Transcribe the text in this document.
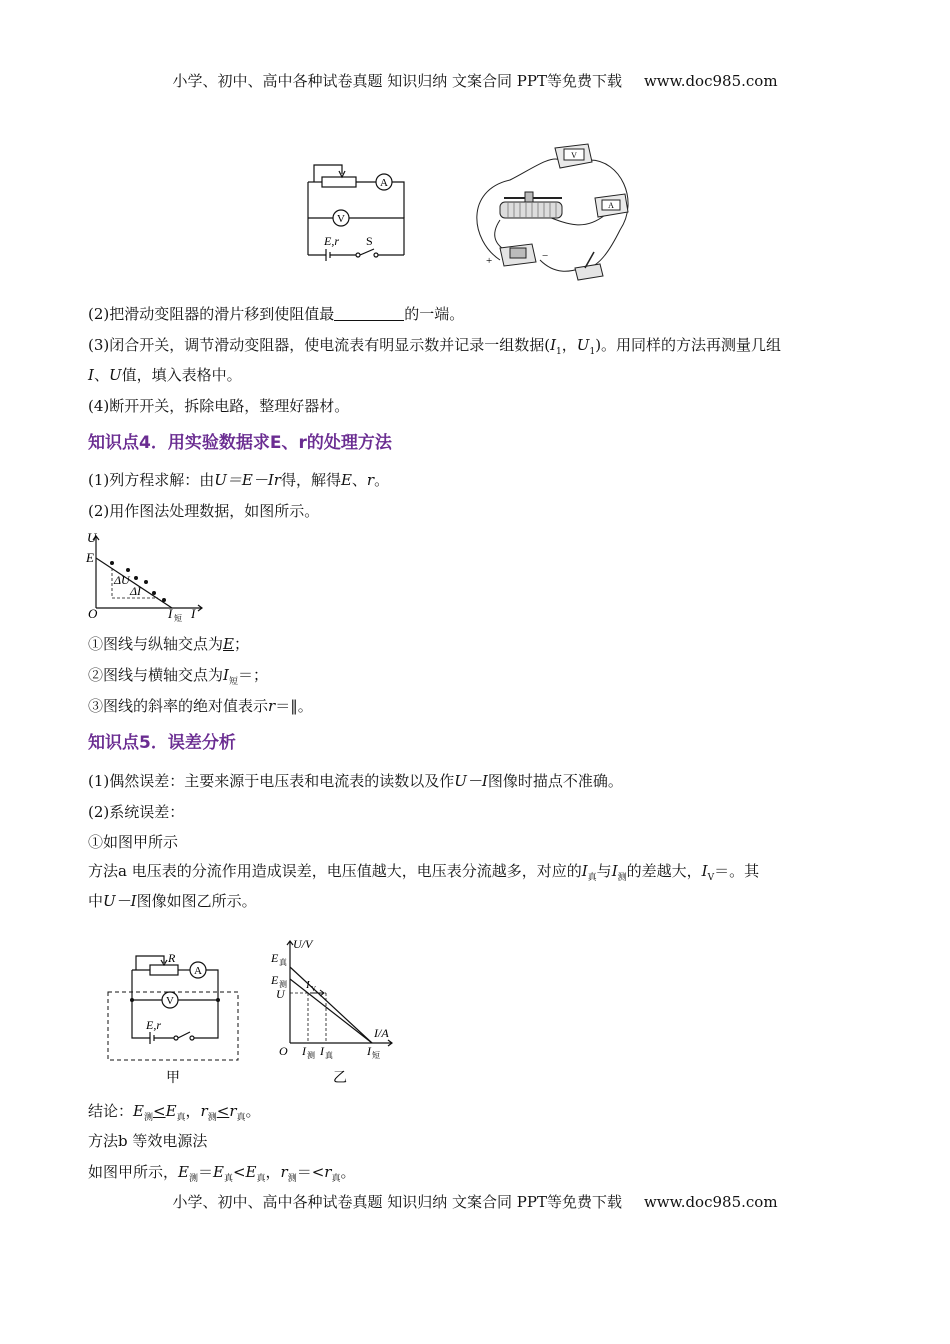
小学、初中、高中各种试卷真题 知识归纳 文案合同 PPT等免费下载 www.doc985.com
A
V
E,r S
V
A
+	−
(2)把滑动变阻器的滑片移到使阻值最	的一端。
(3)闭合开关，调节滑动变阻器，使电流表有明显示数并记录一组数据($I_1$，$U_1$)。用同样的方法再测量几组
I、U值，填入表格中。
(4)断开开关，拆除电路，整理好器材。
知识点4．用实验数据求E、r的处理方法
(1)列方程求解：由U＝E－Ir得，解得E、r。
(2)用作图法处理数据，如图所示。
U
E
ΔU
ΔI
O	I 短 I
①图线与纵轴交点为E；
②图线与横轴交点为$I_短=$；
③图线的斜率的绝对值表示r＝‖。
知识点5．误差分析
(1)偶然误差：主要来源于电压表和电流表的读数以及作U－I图像时描点不准确。
(2)系统误差：
①如图甲所示
方法a 电压表的分流作用造成误差，电压值越大，电压表分流越多，对应的$I_真$与$I_测$的差越大，$I_V=$。其
中U－I图像如图乙所示。
R
A
V
E,r
甲
U/V
E 真
E 测
U
I V
I/A
O I 测 I 真	I 短
乙
结论：$E_测<E_真$，$r_测<r_真$。
方法b 等效电源法
如图甲所示，$E_测=E_真<E_真$，$r_测=<r_真$。
小学、初中、高中各种试卷真题 知识归纳 文案合同 PPT等免费下载 www.doc985.com
